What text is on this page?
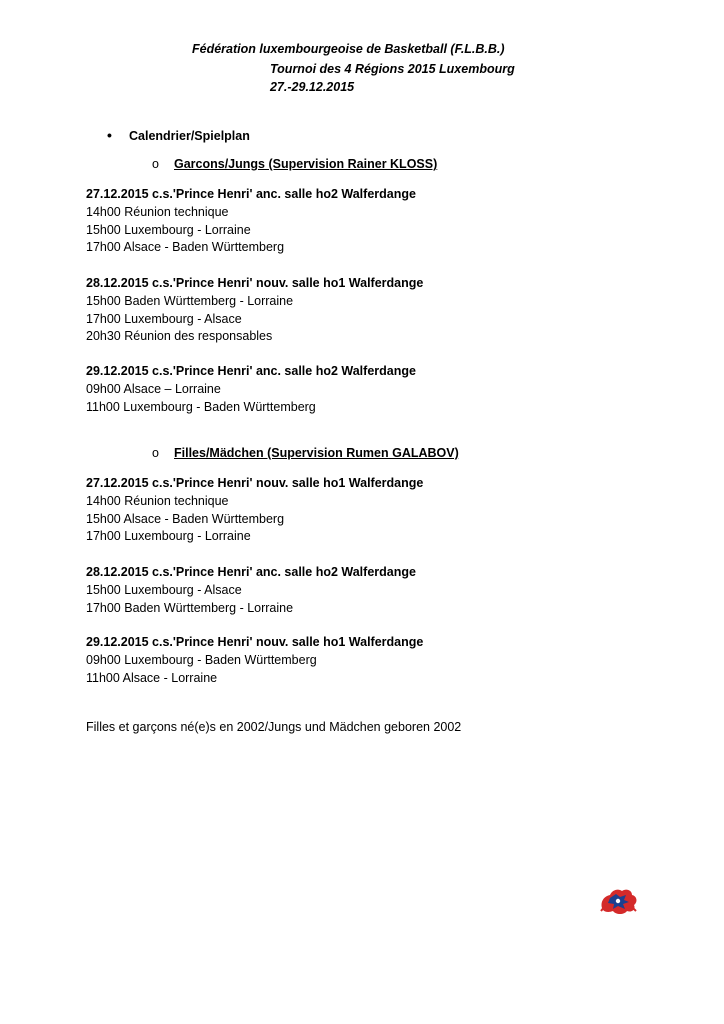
Fédération luxembourgeoise de Basketball (F.L.B.B.)
Tournoi des 4 Régions 2015 Luxembourg
27.-29.12.2015
• Calendrier/Spielplan
o Garcons/Jungs (Supervision Rainer KLOSS)
27.12.2015 c.s.'Prince Henri' anc. salle ho2 Walferdange
14h00 Réunion technique
15h00 Luxembourg - Lorraine
17h00 Alsace - Baden Württemberg
28.12.2015 c.s.'Prince Henri' nouv. salle ho1 Walferdange
15h00 Baden Württemberg - Lorraine
17h00 Luxembourg - Alsace
20h30 Réunion des responsables
29.12.2015 c.s.'Prince Henri' anc. salle ho2 Walferdange
09h00 Alsace – Lorraine
11h00 Luxembourg - Baden Württemberg
o Filles/Mädchen (Supervision Rumen GALABOV)
27.12.2015 c.s.'Prince Henri' nouv. salle ho1 Walferdange
14h00 Réunion technique
15h00 Alsace - Baden Württemberg
17h00 Luxembourg - Lorraine
28.12.2015 c.s.'Prince Henri' anc. salle ho2 Walferdange
15h00 Luxembourg - Alsace
17h00 Baden Württemberg - Lorraine
29.12.2015 c.s.'Prince Henri' nouv. salle ho1 Walferdange
09h00 Luxembourg - Baden Württemberg
11h00 Alsace - Lorraine
Filles et garçons né(e)s en 2002/Jungs und Mädchen geboren 2002
